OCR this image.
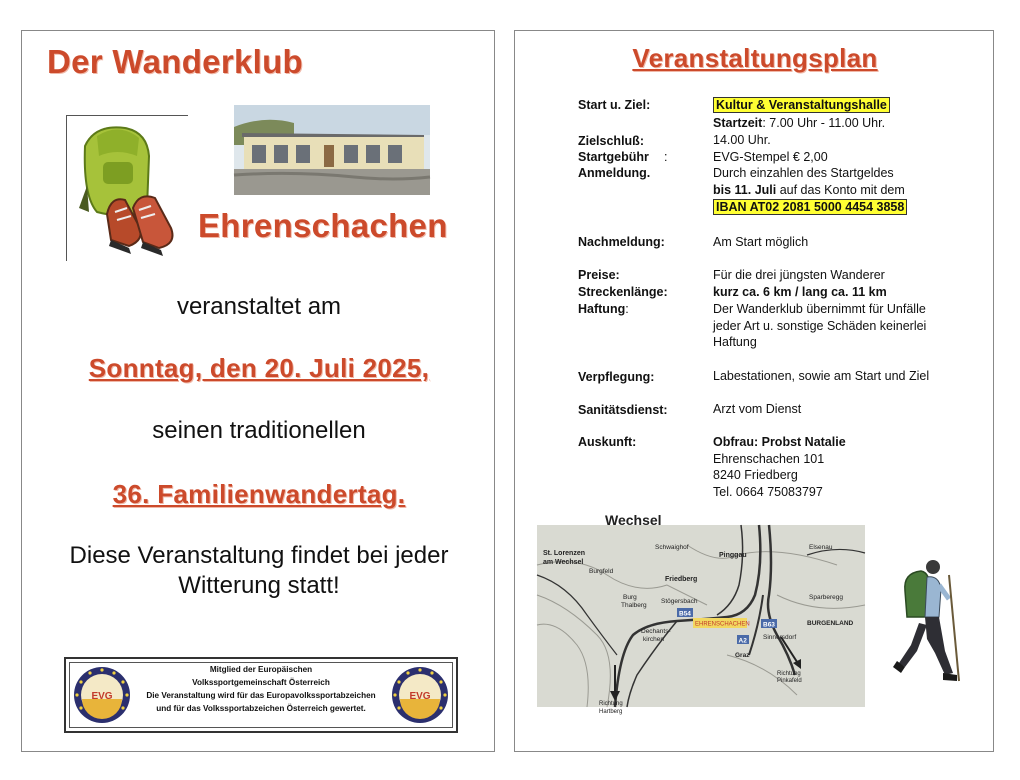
Der Wanderklub
Ehrenschachen
veranstaltet am
Sonntag, den 20. Juli 2025,
seinen traditionellen
36. Familienwandertag.
Diese Veranstaltung findet bei jeder
Witterung statt!
EVG
Mitglied der Europäischen
Volkssportgemeinschaft Österreich
Die Veranstaltung wird für das Europavolkssportabzeichen
und für das Volkssportabzeichen Österreich gewertet.
EVG
Veranstaltungsplan
Start u. Ziel:	Kultur & Veranstaltungshalle
Startzeit: 7.00 Uhr - 11.00 Uhr.
Zielschluß:	14.00 Uhr.
Startgebühr :	EVG-Stempel € 2,00
Anmeldung.	Durch einzahlen des Startgeldes
bis 11. Juli auf das Konto mit dem
IBAN AT02 2081 5000 4454 3858
Nachmeldung:	Am Start möglich
Preise:	Für die drei jüngsten Wanderer
Streckenlänge:	kurz ca. 6 km / lang ca. 11 km
Haftung:	Der Wanderklub übernimmt für Unfälle
jeder Art u. sonstige Schäden keinerlei
Haftung
Verpflegung:	Labestationen, sowie am Start und Ziel
Sanitätsdienst:	Arzt vom Dienst
Auskunft:	Obfrau: Probst Natalie
Ehrenschachen 101
8240 Friedberg
Tel. 0664 75083797
Wechsel
St. Lorenzen
am Wechsel
Schwaighof
Pinggau
Elsenau
Burgfeld
Friedberg
Sparberegg
Burg
Thalberg
Stögersbach
B54
B63	BURGENLAND
EHRENSCHACHEN
Sinnersdorf
Dechants-
kirchen	A2
Graz
Richtung
Pinkafeld
Richtung
Hartberg
